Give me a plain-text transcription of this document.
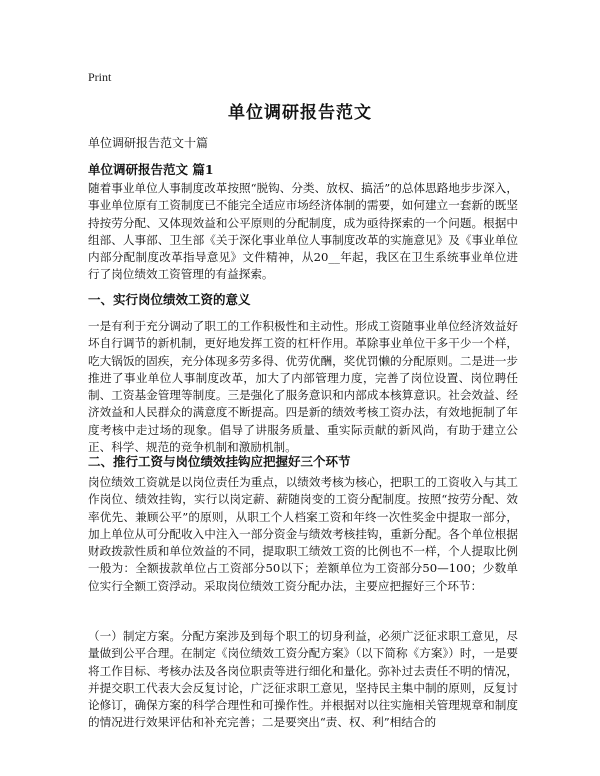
Print
单位调研报告范文
单位调研报告范文十篇
单位调研报告范文 篇1

随着事业单位人事制度改革按照“脱钩、分类、放权、搞活”的总体思路地步步深入，事业单位原有工资制度已不能完全适应市场经济体制的需要，如何建立一套新的既坚持按劳分配、又体现效益和公平原则的分配制度，成为亟待探索的一个问题。根据中组部、人事部、卫生部《关于深化事业单位人事制度改革的实施意见》及《事业单位内部分配制度改革指导意见》文件精神，从20__年起，我区在卫生系统事业单位进行了岗位绩效工资管理的有益探索。

一、实行岗位绩效工资的意义

一是有利于充分调动了职工的工作积极性和主动性。形成工资随事业单位经济效益好坏自行调节的新机制，更好地发挥工资的杠杆作用。革除事业单位干多干少一个样，吃大锅饭的固疾，充分体现多劳多得、优劳优酬，奖优罚懒的分配原则。二是进一步推进了事业单位人事制度改革，加大了内部管理力度，完善了岗位设置、岗位聘任制、工资基金管理等制度。三是强化了服务意识和内部成本核算意识。社会效益、经济效益和人民群众的满意度不断提高。四是新的绩效考核工资办法，有效地扼制了年度考核中走过场的现象。倡导了讲服务质量、重实际贡献的新风尚，有助于建立公正、科学、规范的竞争机制和激励机制。

二、推行工资与岗位绩效挂钩应把握好三个环节

岗位绩效工资就是以岗位责任为重点，以绩效考核为核心，把职工的工资收入与其工作岗位、绩效挂钩，实行以岗定薪、薪随岗变的工资分配制度。按照“按劳分配、效率优先、兼顾公平”的原则，从职工个人档案工资和年终一次性奖金中提取一部分，加上单位从可分配收入中注入一部分资金与绩效考核挂钩，重新分配。各个单位根据财政拨款性质和单位效益的不同，提取职工绩效工资的比例也不一样，个人提取比例一般为：全额拔款单位占工资部分50以下；差额单位为工资部分50—100；少数单位实行全额工资浮动。采取岗位绩效工资分配办法，主要应把握好三个环节：

（一）制定方案。分配方案涉及到每个职工的切身利益，必须广泛征求职工意见，尽量做到公平合理。在制定《岗位绩效工资分配方案》（以下简称《方案》）时，一是要将工作目标、考核办法及各岗位职责等进行细化和量化。弥补过去责任不明的情况，并提交职工代表大会反复讨论，广泛征求职工意见，坚持民主集中制的原则，反复讨论修订，确保方案的科学合理性和可操作性。并根据对以往实施相关管理规章和制度的情况进行效果评估和补充完善；二是要突出“责、权、利”相结合的
